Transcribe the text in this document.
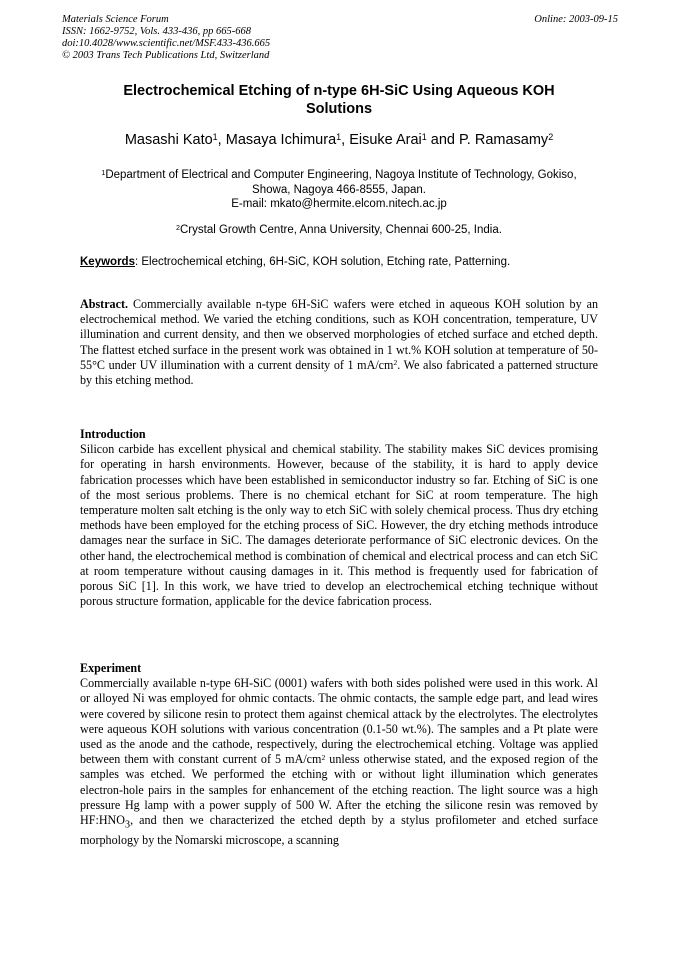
Materials Science Forum
ISSN: 1662-9752, Vols. 433-436, pp 665-668
doi:10.4028/www.scientific.net/MSF.433-436.665
© 2003 Trans Tech Publications Ltd, Switzerland
Online: 2003-09-15
Electrochemical Etching of n-type 6H-SiC Using Aqueous KOH
Solutions
Masashi Kato$^1$, Masaya Ichimura$^1$, Eisuke Arai$^1$ and P. Ramasamy$^2$
$^1$Department of Electrical and Computer Engineering, Nagoya Institute of Technology, Gokiso,
Showa, Nagoya 466-8555, Japan.
E-mail: mkato@hermite.elcom.nitech.ac.jp
$^2$Crystal Growth Centre, Anna University, Chennai 600-25, India.
Keywords: Electrochemical etching, 6H-SiC, KOH solution, Etching rate, Patterning.
Abstract. Commercially available n-type 6H-SiC wafers were etched in aqueous KOH solution by an electrochemical method. We varied the etching conditions, such as KOH concentration, temperature, UV illumination and current density, and then we observed morphologies of etched surface and etched depth. The flattest etched surface in the present work was obtained in 1 wt.% KOH solution at temperature of 50-55°C under UV illumination with a current density of 1 $mA/cm^2$. We also fabricated a patterned structure by this etching method.
Introduction
Silicon carbide has excellent physical and chemical stability. The stability makes SiC devices promising for operating in harsh environments. However, because of the stability, it is hard to apply device fabrication processes which have been established in semiconductor industry so far. Etching of SiC is one of the most serious problems. There is no chemical etchant for SiC at room temperature. The high temperature molten salt etching is the only way to etch SiC with solely chemical process. Thus dry etching methods have been employed for the etching process of SiC. However, the dry etching methods introduce damages near the surface in SiC. The damages deteriorate performance of SiC electronic devices. On the other hand, the electrochemical method is combination of chemical and electrical process and can etch SiC at room temperature without causing damages in it. This method is frequently used for fabrication of porous SiC [1]. In this work, we have tried to develop an electrochemical etching technique without porous structure formation, applicable for the device fabrication process.
Experiment
Commercially available n-type 6H-SiC (0001) wafers with both sides polished were used in this work. Al or alloyed Ni was employed for ohmic contacts. The ohmic contacts, the sample edge part, and lead wires were covered by silicone resin to protect them against chemical attack by the electrolytes. The electrolytes were aqueous KOH solutions with various concentration (0.1-50 wt.%). The samples and a Pt plate were used as the anode and the cathode, respectively, during the electrochemical etching. Voltage was applied between them with constant current of 5 $mA/cm^2$ unless otherwise stated, and the exposed region of the samples was etched. We performed the etching with or without light illumination which generates electron-hole pairs in the samples for enhancement of the etching reaction. The light source was a high pressure Hg lamp with a power supply of 500 W. After the etching the silicone resin was removed by $HF:HNO_3$, and then we characterized the etched depth by a stylus profilometer and etched surface morphology by the Nomarski microscope, a scanning
